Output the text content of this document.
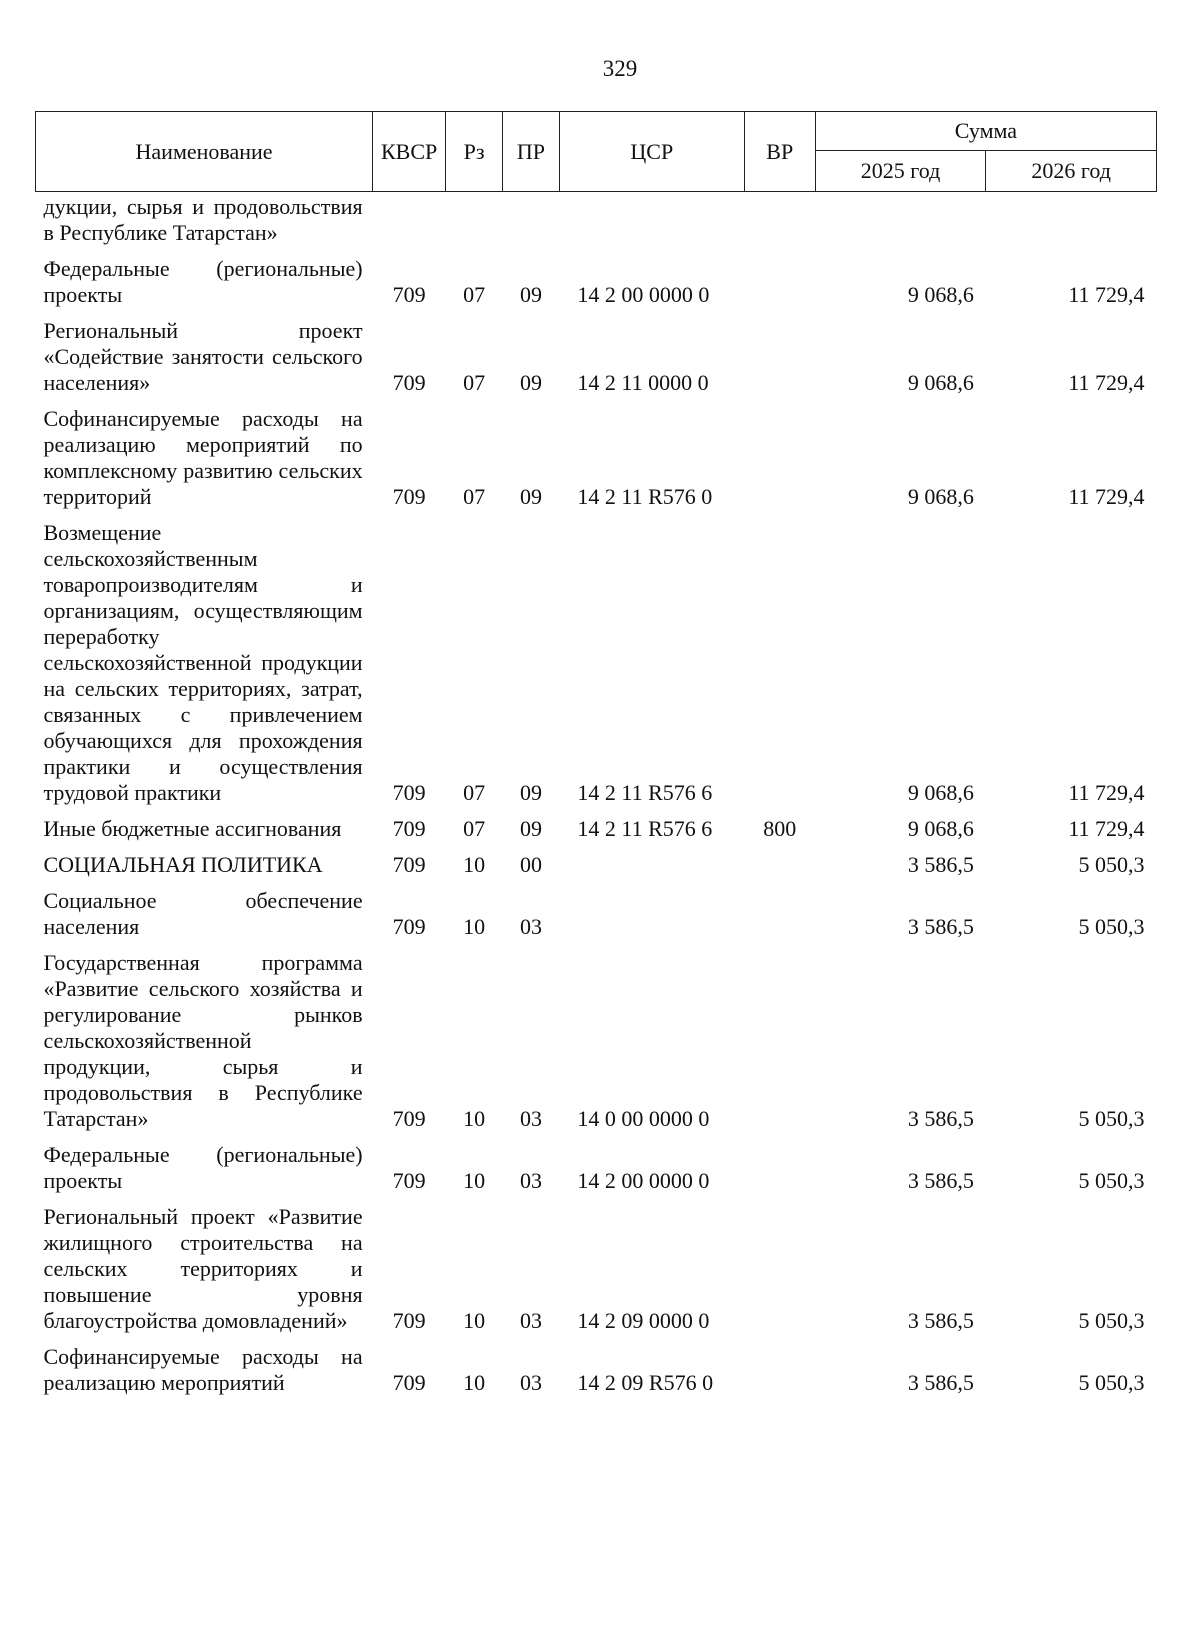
329
Наименование	КВСР	Рз	ПР	ЦСР	ВР	Сумма	
						2025 год	2026 год
дукции, сырья и продовольствия в Республике Татарстан»							
Федеральные (региональные) проекты	709	07	09	14 2 00 0000 0		9 068,6	11 729,4
Региональный проект «Содействие занятости сельского населения»	709	07	09	14 2 11 0000 0		9 068,6	11 729,4
Софинансируемые расходы на реализацию мероприятий по комплексному развитию сельских территорий	709	07	09	14 2 11 R576 0		9 068,6	11 729,4
Возмещение сельскохозяйственным товаропроизводителям и организациям, осуществляющим переработку сельскохозяйственной продукции на сельских территориях, затрат, связанных с привлечением обучающихся для прохождения практики и осуществления трудовой практики	709	07	09	14 2 11 R576 6		9 068,6	11 729,4
Иные бюджетные ассигнования	709	07	09	14 2 11 R576 6	800	9 068,6	11 729,4
СОЦИАЛЬНАЯ ПОЛИТИКА	709	10	00			3 586,5	5 050,3
Социальное обеспечение населения	709	10	03			3 586,5	5 050,3
Государственная программа «Развитие сельского хозяйства и регулирование рынков сельскохозяйственной продукции, сырья и продовольствия в Республике Татарстан»	709	10	03	14 0 00 0000 0		3 586,5	5 050,3
Федеральные (региональные) проекты	709	10	03	14 2 00 0000 0		3 586,5	5 050,3
Региональный проект «Развитие жилищного строительства на сельских территориях и повышение уровня благоустройства домовладений»	709	10	03	14 2 09 0000 0		3 586,5	5 050,3
Софинансируемые расходы на реализацию мероприятий	709	10	03	14 2 09 R576 0		3 586,5	5 050,3
